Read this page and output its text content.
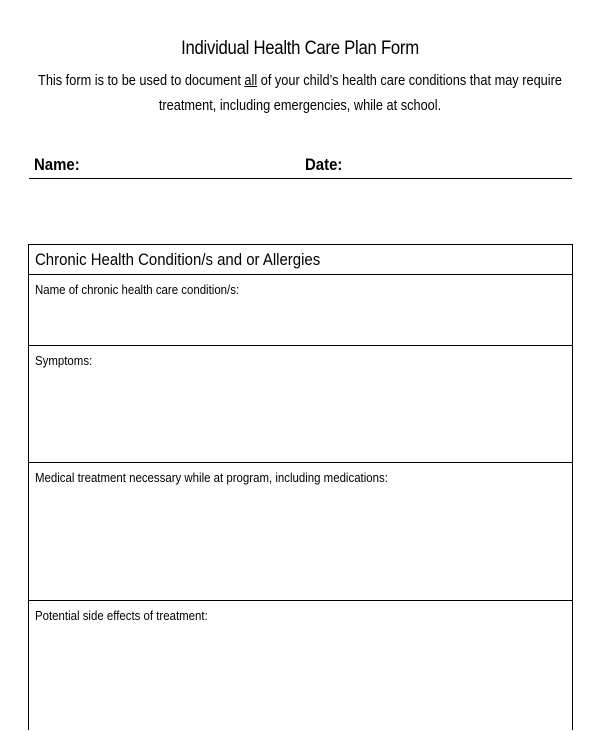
Individual Health Care Plan Form
This form is to be used to document all of your child’s health care conditions that may require
treatment, including emergencies, while at school.
Name:	Date:
Chronic Health Condition/s and or Allergies
Name of chronic health care condition/s:
Symptoms:
Medical treatment necessary while at program, including medications:
Potential side effects of treatment:
